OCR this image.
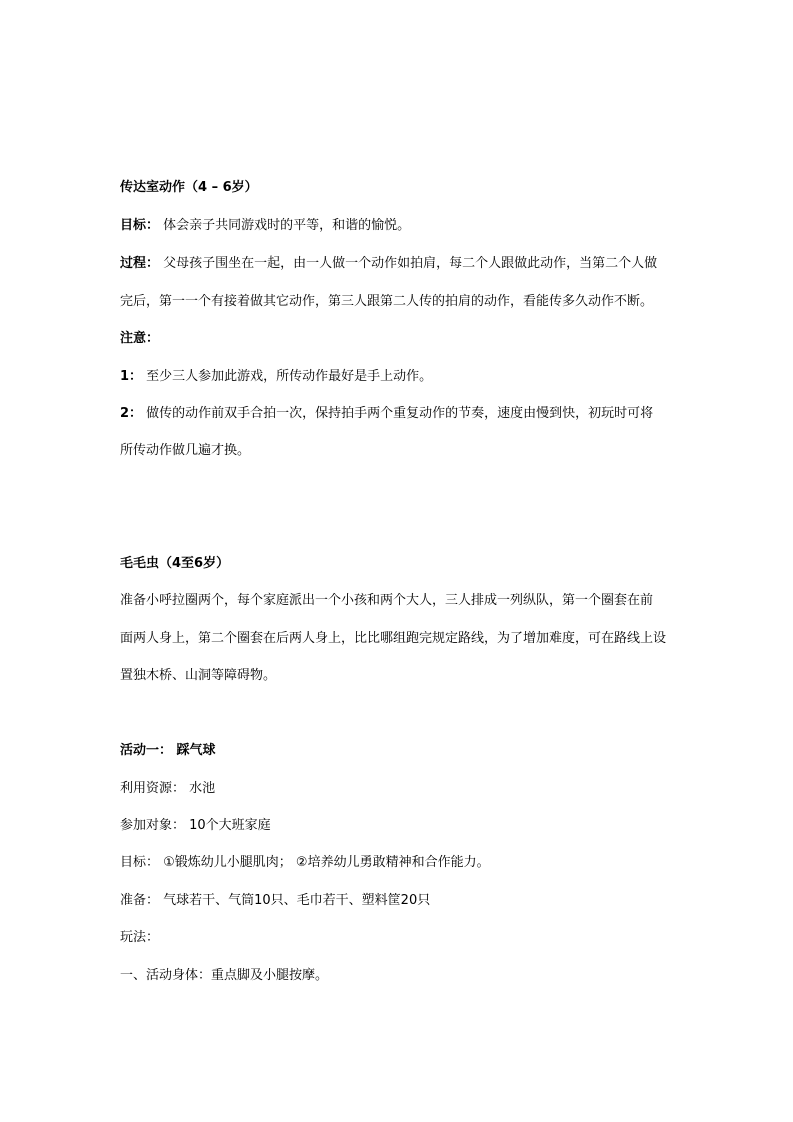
传达室动作（4 – 6岁）
目标： 体会亲子共同游戏时的平等，和谐的愉悦。
过程： 父母孩子围坐在一起，由一人做一个动作如拍肩，每二个人跟做此动作，当第二个人做
完后，第一一个有接着做其它动作，第三人跟第二人传的拍肩的动作，看能传多久动作不断。
注意：
1： 至少三人参加此游戏，所传动作最好是手上动作。
2： 做传的动作前双手合拍一次，保持拍手两个重复动作的节奏，速度由慢到快，初玩时可将
所传动作做几遍才换。
毛毛虫（4至6岁）
准备小呼拉圈两个，每个家庭派出一个小孩和两个大人，三人排成一列纵队，第一个圈套在前
面两人身上，第二个圈套在后两人身上，比比哪组跑完规定路线，为了增加难度，可在路线上设
置独木桥、山洞等障碍物。
活动一： 踩气球
利用资源： 水池
参加对象： 10个大班家庭
目标： ①锻炼幼儿小腿肌肉； ②培养幼儿勇敢精神和合作能力。
准备： 气球若干、气筒10只、毛巾若干、塑料筐20只
玩法：
一、活动身体：重点脚及小腿按摩。
